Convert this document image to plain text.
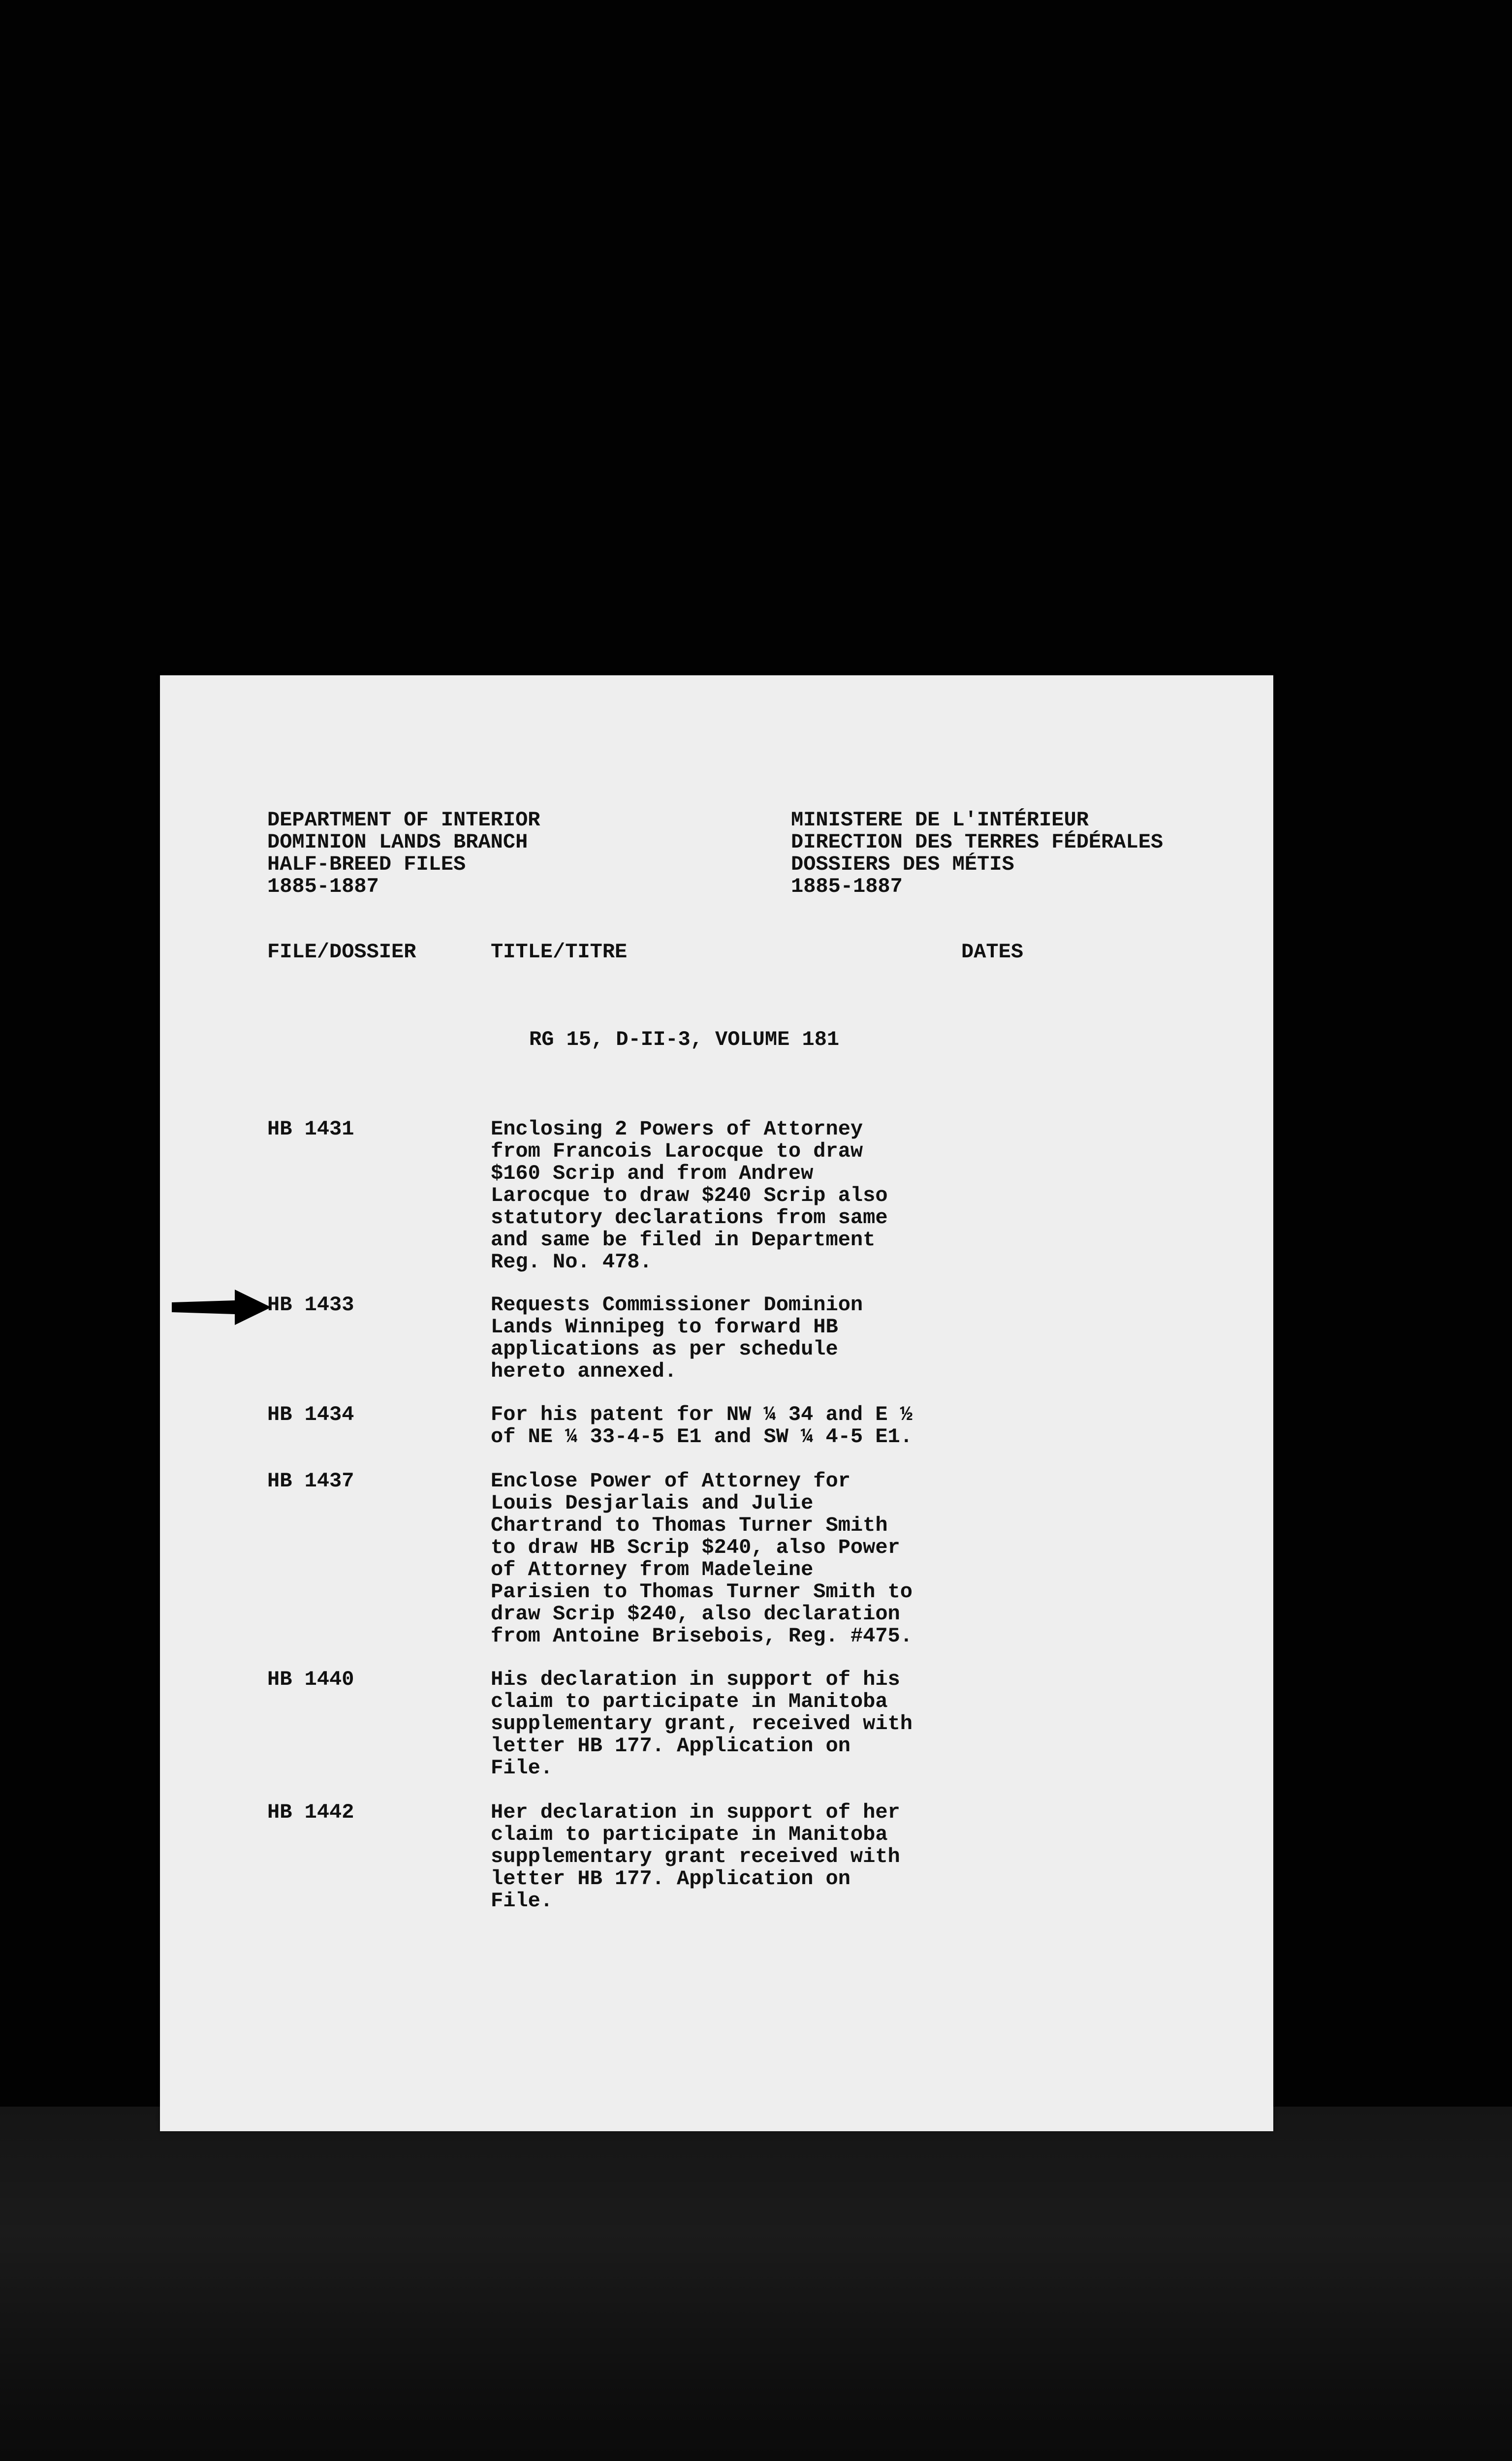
DEPARTMENT OF INTERIOR
DOMINION LANDS BRANCH
HALF-BREED FILES
1885-1887
MINISTERE DE L'INTÉRIEUR
DIRECTION DES TERRES FÉDÉRALES
DOSSIERS DES MÉTIS
1885-1887
FILE/DOSSIER	TITLE/TITRE	DATES
RG 15, D-II-3, VOLUME 181
HB 1431	Enclosing 2 Powers of Attorney
from Francois Larocque to draw
$160 Scrip and from Andrew
Larocque to draw $240 Scrip also
statutory declarations from same
and same be filed in Department
Reg. No. 478.
HB 1433	Requests Commissioner Dominion
Lands Winnipeg to forward HB
applications as per schedule
hereto annexed.
HB 1434	For his patent for NW ¼ 34 and E ½
of NE ¼ 33-4-5 E1 and SW ¼ 4-5 E1.
HB 1437	Enclose Power of Attorney for
Louis Desjarlais and Julie
Chartrand to Thomas Turner Smith
to draw HB Scrip $240, also Power
of Attorney from Madeleine
Parisien to Thomas Turner Smith to
draw Scrip $240, also declaration
from Antoine Brisebois, Reg. #475.
HB 1440	His declaration in support of his
claim to participate in Manitoba
supplementary grant, received with
letter HB 177. Application on
File.
HB 1442	Her declaration in support of her
claim to participate in Manitoba
supplementary grant received with
letter HB 177. Application on
File.
